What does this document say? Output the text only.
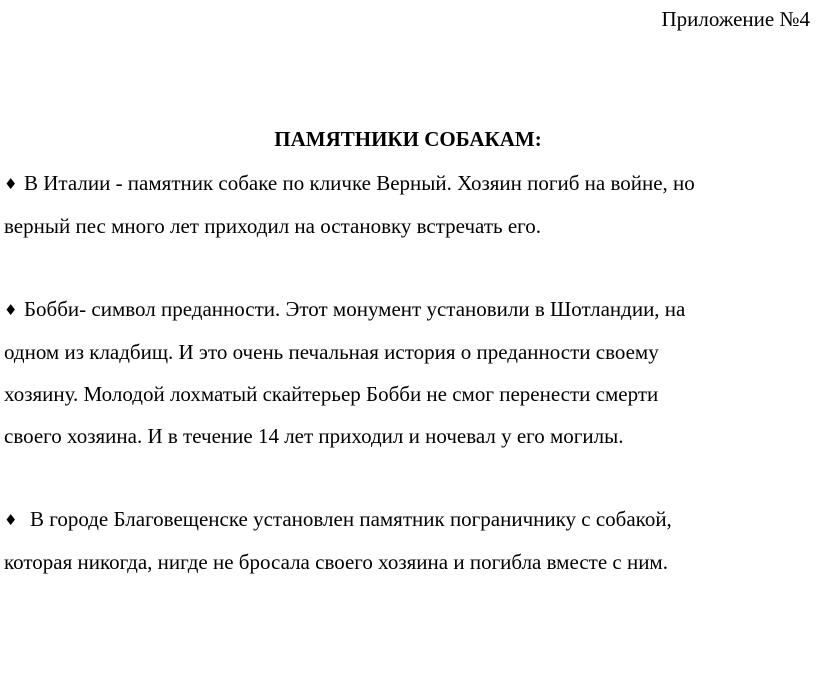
Приложение №4
ПАМЯТНИКИ СОБАКАМ:
♦ В Италии - памятник собаке по кличке Верный. Хозяин погиб на войне, но
верный пес много лет приходил на остановку встречать его.
♦ Бобби- символ преданности. Этот монумент установили в Шотландии, на
одном из кладбищ. И это очень печальная история о преданности своему
хозяину. Молодой лохматый скайтерьер Бобби не смог перенести смерти
своего хозяина. И в течение 14 лет приходил и ночевал у его могилы.
♦ В городе Благовещенске установлен памятник пограничнику с собакой,
которая никогда, нигде не бросала своего хозяина и погибла вместе с ним.
